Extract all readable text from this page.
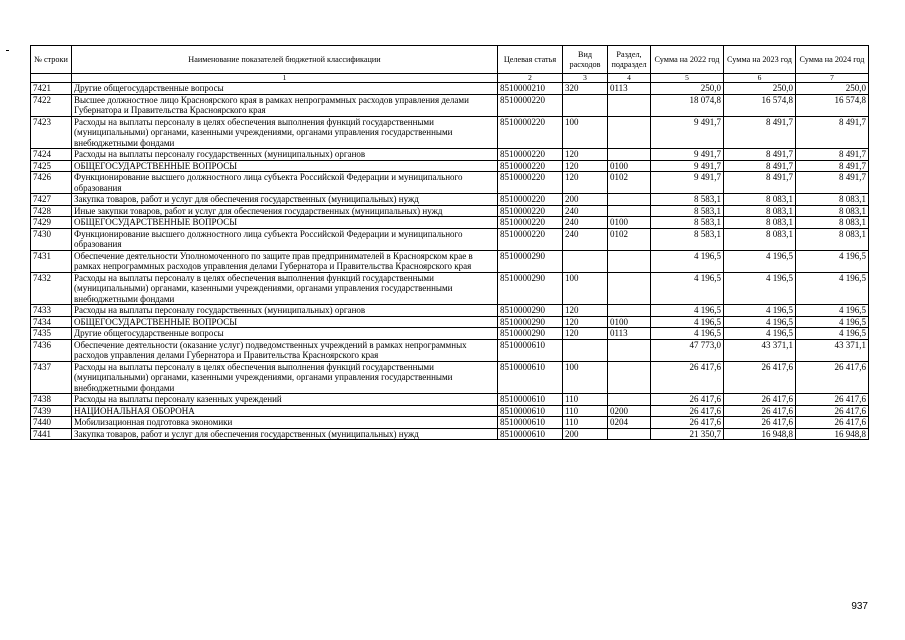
№ строки	Наименование показателей бюджетной классификации	Целевая статья	Вид расходов	Раздел, подраздел	Сумма на 2022 год	Сумма на 2023 год	Сумма на 2024 год
	1	2	3	4	5	6	7
7421	Другие общегосударственные вопросы	8510000210	320	0113	250,0	250,0	250,0
7422	Высшее должностное лицо Красноярского края в рамках непрограммных расходов управления делами Губернатора и Правительства Красноярского края	8510000220			18 074,8	16 574,8	16 574,8
7423	Расходы на выплаты персоналу в целях обеспечения выполнения функций государственными (муниципальными) органами, казенными учреждениями, органами управления государственными внебюджетными фондами	8510000220	100		9 491,7	8 491,7	8 491,7
7424	Расходы на выплаты персоналу государственных (муниципальных) органов	8510000220	120		9 491,7	8 491,7	8 491,7
7425	ОБЩЕГОСУДАРСТВЕННЫЕ ВОПРОСЫ	8510000220	120	0100	9 491,7	8 491,7	8 491,7
7426	Функционирование высшего должностного лица субъекта Российской Федерации и муниципального образования	8510000220	120	0102	9 491,7	8 491,7	8 491,7
7427	Закупка товаров, работ и услуг для обеспечения государственных (муниципальных) нужд	8510000220	200		8 583,1	8 083,1	8 083,1
7428	Иные закупки товаров, работ и услуг для обеспечения государственных (муниципальных) нужд	8510000220	240		8 583,1	8 083,1	8 083,1
7429	ОБЩЕГОСУДАРСТВЕННЫЕ ВОПРОСЫ	8510000220	240	0100	8 583,1	8 083,1	8 083,1
7430	Функционирование высшего должностного лица субъекта Российской Федерации и муниципального образования	8510000220	240	0102	8 583,1	8 083,1	8 083,1
7431	Обеспечение деятельности Уполномоченного по защите прав предпринимателей в Красноярском крае в рамках непрограммных расходов управления делами Губернатора и Правительства Красноярского края	8510000290			4 196,5	4 196,5	4 196,5
7432	Расходы на выплаты персоналу в целях обеспечения выполнения функций государственными (муниципальными) органами, казенными учреждениями, органами управления государственными внебюджетными фондами	8510000290	100		4 196,5	4 196,5	4 196,5
7433	Расходы на выплаты персоналу государственных (муниципальных) органов	8510000290	120		4 196,5	4 196,5	4 196,5
7434	ОБЩЕГОСУДАРСТВЕННЫЕ ВОПРОСЫ	8510000290	120	0100	4 196,5	4 196,5	4 196,5
7435	Другие общегосударственные вопросы	8510000290	120	0113	4 196,5	4 196,5	4 196,5
7436	Обеспечение деятельности (оказание услуг) подведомственных учреждений в рамках непрограммных расходов управления делами Губернатора и Правительства Красноярского края	8510000610			47 773,0	43 371,1	43 371,1
7437	Расходы на выплаты персоналу в целях обеспечения выполнения функций государственными (муниципальными) органами, казенными учреждениями, органами управления государственными внебюджетными фондами	8510000610	100		26 417,6	26 417,6	26 417,6
7438	Расходы на выплаты персоналу казенных учреждений	8510000610	110		26 417,6	26 417,6	26 417,6
7439	НАЦИОНАЛЬНАЯ ОБОРОНА	8510000610	110	0200	26 417,6	26 417,6	26 417,6
7440	Мобилизационная подготовка экономики	8510000610	110	0204	26 417,6	26 417,6	26 417,6
7441	Закупка товаров, работ и услуг для обеспечения государственных (муниципальных) нужд	8510000610	200		21 350,7	16 948,8	16 948,8
937
